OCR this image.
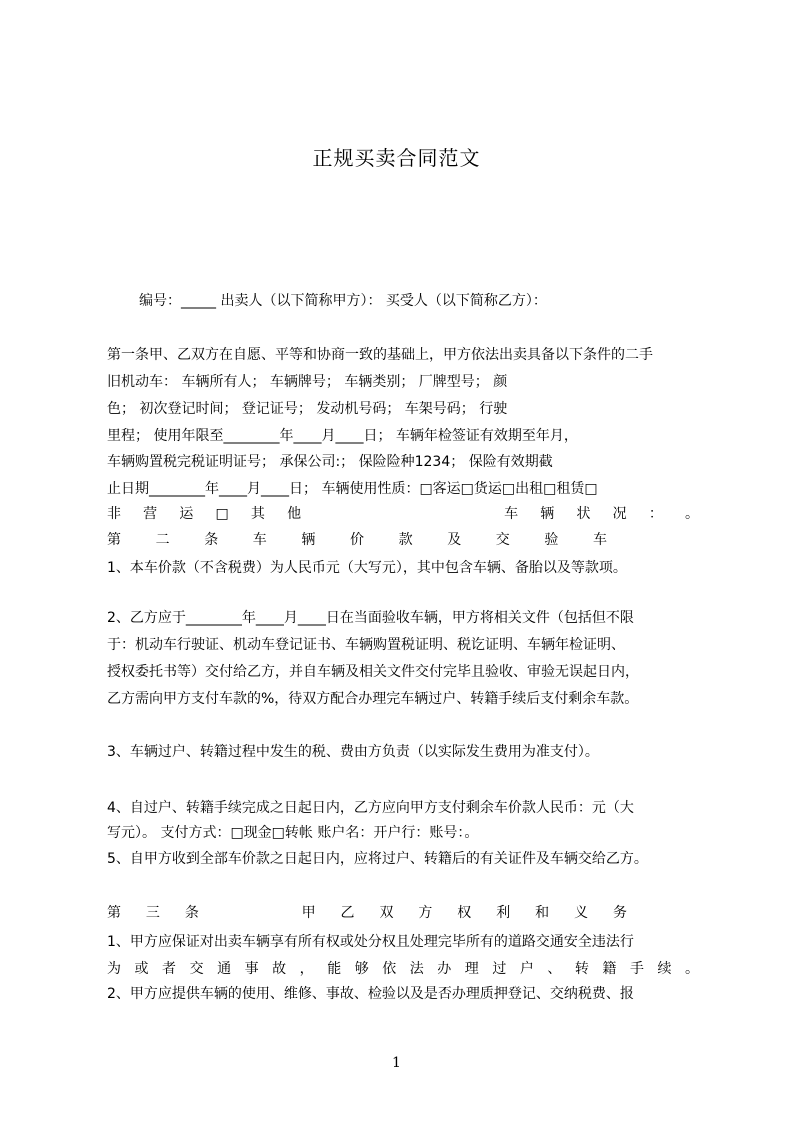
正规买卖合同范文
编号：_____ 出卖人（以下简称甲方）： 买受人（以下简称乙方）：
第一条甲、乙双方在自愿、平等和协商一致的基础上，甲方依法出卖具备以下条件的二手
旧机动车： 车辆所有人； 车辆牌号； 车辆类别； 厂牌型号； 颜
色； 初次登记时间； 登记证号； 发动机号码； 车架号码； 行驶
里程； 使用年限至________年____月____日； 车辆年检签证有效期至年月，
车辆购置税完税证明证号； 承保公司:； 保险险种1234； 保险有效期截
止日期________年____月____日； 车辆使用性质：□客运□货运□出租□租赁□
非 营 运 □ 其 他 　 　 　 　 　 车 辆 状 况 ： 。
第 二 条 车 辆 价 款 及 交 验 车
1、本车价款（不含税费）为人民币元（大写元），其中包含车辆、备胎以及等款项。
2、乙方应于________年____月____日在当面验收车辆，甲方将相关文件（包括但不限
于：机动车行驶证、机动车登记证书、车辆购置税证明、税讫证明、车辆年检证明、
授权委托书等）交付给乙方，并自车辆及相关文件交付完毕且验收、审验无误起日内，
乙方需向甲方支付车款的%，待双方配合办理完车辆过户、转籍手续后支付剩余车款。
3、车辆过户、转籍过程中发生的税、费由方负责（以实际发生费用为准支付）。
4、自过户、转籍手续完成之日起日内，乙方应向甲方支付剩余车价款人民币：元（大
写元）。 支付方式：□现金□转帐 账户名：开户行：账号：。
5、自甲方收到全部车价款之日起日内，应将过户、转籍后的有关证件及车辆交给乙方。
第 三 条 　 　 甲 乙 双 方 权 利 和 义 务
1、甲方应保证对出卖车辆享有所有权或处分权且处理完毕所有的道路交通安全违法行
为 或 者 交 通 事 故 ， 能 够 依 法 办 理 过 户 、 转 籍 手 续 。
2、甲方应提供车辆的使用、维修、事故、检验以及是否办理质押登记、交纳税费、报
1
